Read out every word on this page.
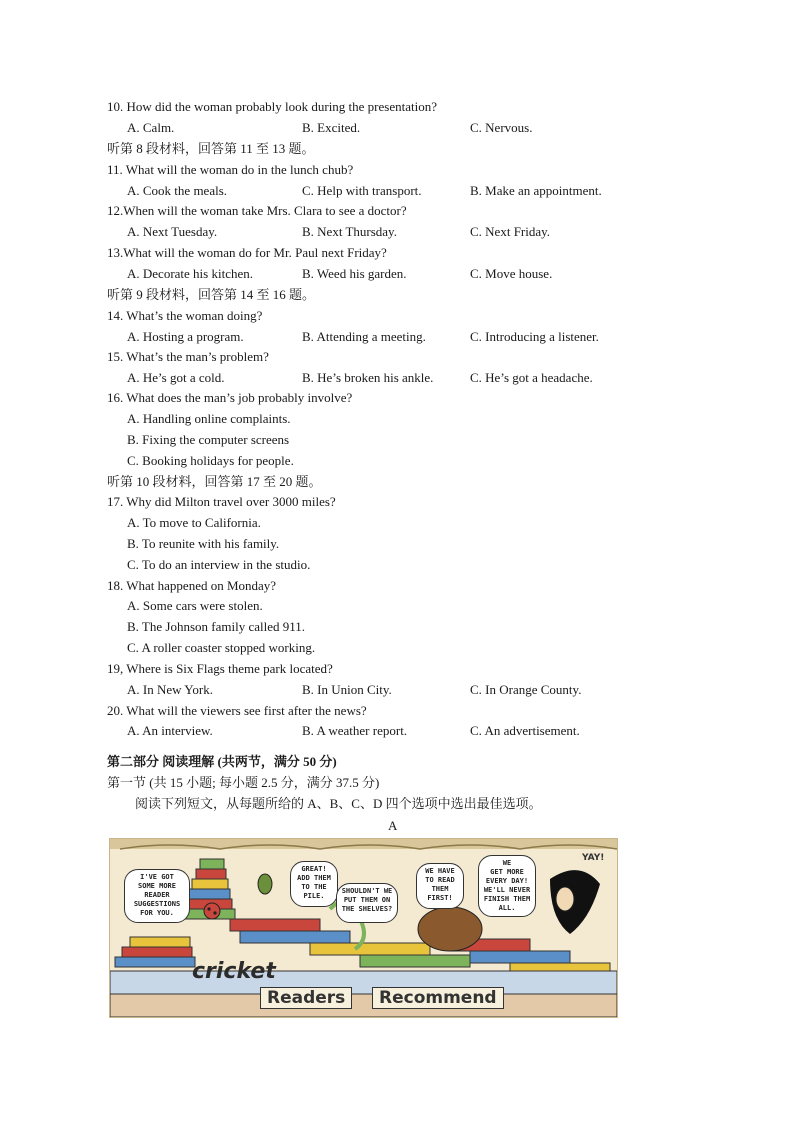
10. How did the woman probably look during the presentation?
A. Calm.	B. Excited.	C. Nervous.
听第 8 段材料，回答第 11 至 13 题。
11. What will the woman do in the lunch chub?
A. Cook the meals.	C. Help with transport.	B. Make an appointment.
12.When will the woman take Mrs. Clara to see a doctor?
A. Next Tuesday.	B. Next Thursday.	C. Next Friday.
13.What will the woman do for Mr. Paul next Friday?
A. Decorate his kitchen.	B. Weed his garden.	C. Move house.
听第 9 段材料，回答第 14 至 16 题。
14. What’s the woman doing?
A. Hosting a program.	B. Attending a meeting.	C. Introducing a listener.
15. What’s the man’s problem?
A. He’s got a cold.	B. He’s broken his ankle.	C. He’s got a headache.
16. What does the man’s job probably involve?
A. Handling online complaints.
B. Fixing the computer screens
C. Booking holidays for people.
听第 10 段材料，回答第 17 至 20 题。
17. Why did Milton travel over 3000 miles?
A. To move to California.
B. To reunite with his family.
C. To do an interview in the studio.
18. What happened on Monday?
A. Some cars were stolen.
B. The Johnson family called 911.
C. A roller coaster stopped working.
19, Where is Six Flags theme park located?
A. In New York.	B. In Union City.	C. In Orange County.
20. What will the viewers see first after the news?
A. An interview.	B. A weather report.	C. An advertisement.
第二部分 阅读理解 (共两节，满分 50 分)
第一节 (共 15 小题; 每小题 2.5 分，满分 37.5 分)
阅读下列短文，从每题所给的 A、B、C、D 四个选项中选出最佳选项。
A
I'VE GOT
SOME MORE
READER
SUGGESTIONS
FOR YOU.
GREAT!
ADD THEM
TO THE
PILE.
SHOULDN'T WE
PUT THEM ON
THE SHELVES?
WE HAVE
TO READ
THEM
FIRST!
WE
GET MORE
EVERY DAY!
WE'LL NEVER
FINISH THEM
ALL.
YAY!
cricket
Readers	Recommend
